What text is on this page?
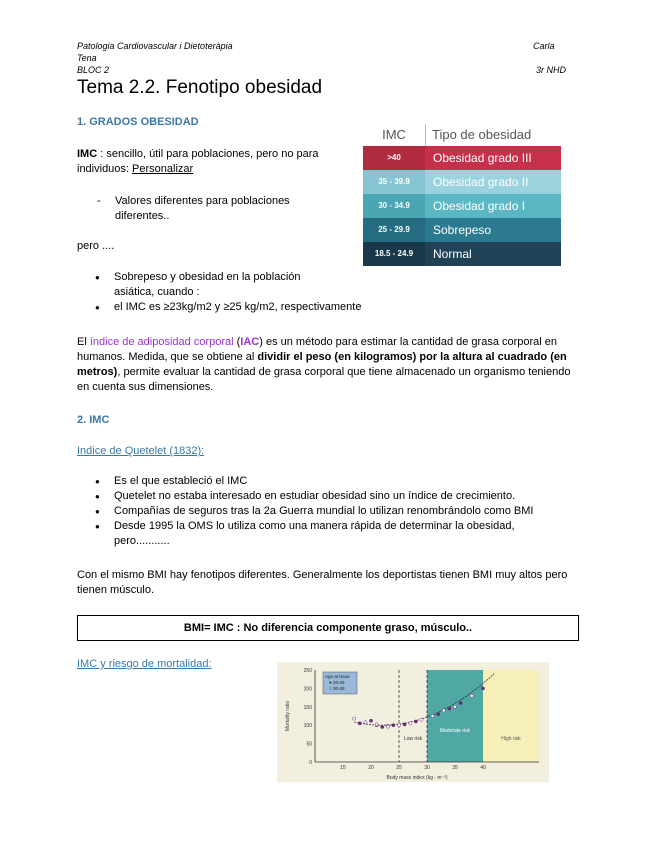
Patologia Cardiovascular i Dietoteràpia
Tena
BLOC 2
Carla
3r NHD
Tema 2.2. Fenotipo obesidad
1. GRADOS OBESIDAD
IMC : sencillo, útil para poblaciones, pero no para individuos: Personalizar
- Valores diferentes para poblaciones diferentes..
pero ....
● Sobrepeso y obesidad en la población asiática, cuando :
● el IMC es ≥23kg/m2 y ≥25 kg/m2, respectivamente
El índice de adiposidad corporal (IAC) es un método para estimar la cantidad de grasa corporal en humanos. Medida, que se obtiene al dividir el peso (en kilogramos) por la altura al cuadrado (en metros), permite evaluar la cantidad de grasa corporal que tiene almacenado un organismo teniendo en cuenta sus dimensiones.
IMC	Tipo de obesidad
>40	Obesidad grado III
35 - 39.9	Obesidad grado II
30 - 34.9	Obesidad grado I
25 - 29.9	Sobrepeso
18.5 - 24.9	Normal
2. IMC
Indice de Quetelet (1832):
● Es el que estableció el IMC
● Quetelet no estaba interesado en estudiar obesidad sino un índice de crecimiento.
● Compañías de seguros tras la 2a Guerra mundial lo utilizan renombrándolo como BMI
● Desde 1995 la OMS lo utiliza como una manera rápida de determinar la obesidad, pero...........
Con el mismo BMI hay fenotipos diferentes. Generalmente los deportistas tienen BMI muy altos pero tienen músculo.
BMI= IMC : No diferencia componente graso, músculo..
IMC y riesgo de mortalidad:
Low risk
Moderate risk
High risk
0
50
100
150
200
250
15	20	25	30	35	40
Body mass index (kg · m⁻²)
Mortality ratio
Age at issue
● 20-29
○ 30-39
